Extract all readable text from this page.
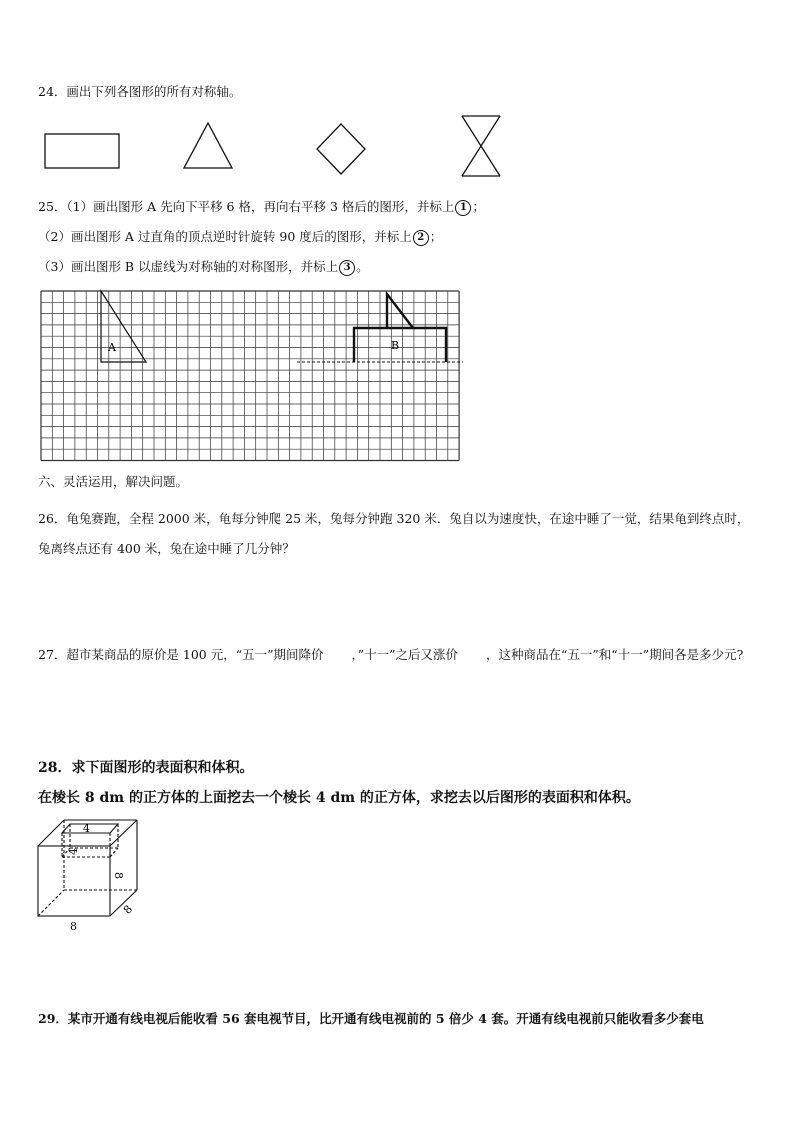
24．画出下列各图形的所有对称轴。
25．（1）画出图形 A 先向下平移 6 格，再向右平移 3 格后的图形，并标上 1 ；
（2）画出图形 A 过直角的顶点逆时针旋转 90 度后的图形，并标上 2 ；
（3）画出图形 B 以虚线为对称轴的对称图形，并标上 3 。
A	B
六、灵活运用，解决问题。
26．龟兔赛跑，全程 2000 米，龟每分钟爬 25 米，兔每分钟跑 320 米．兔自以为速度快，在途中睡了一觉，结果龟到终点时，兔离终点还有 400 米，兔在途中睡了几分钟？
27．超市某商品的原价是 100 元，“五一”期间降价 ，”十一”之后又涨价 ，这种商品在“五一”和“十一”期间各是多少元?
28．求下面图形的表面积和体积。
在棱长 8 dm 的正方体的上面挖去一个棱长 4 dm 的正方体，求挖去以后图形的表面积和体积。
4
4
8
8
8
29．某市开通有线电视后能收看 56 套电视节目，比开通有线电视前的 5 倍少 4 套。开通有线电视前只能收看多少套电
